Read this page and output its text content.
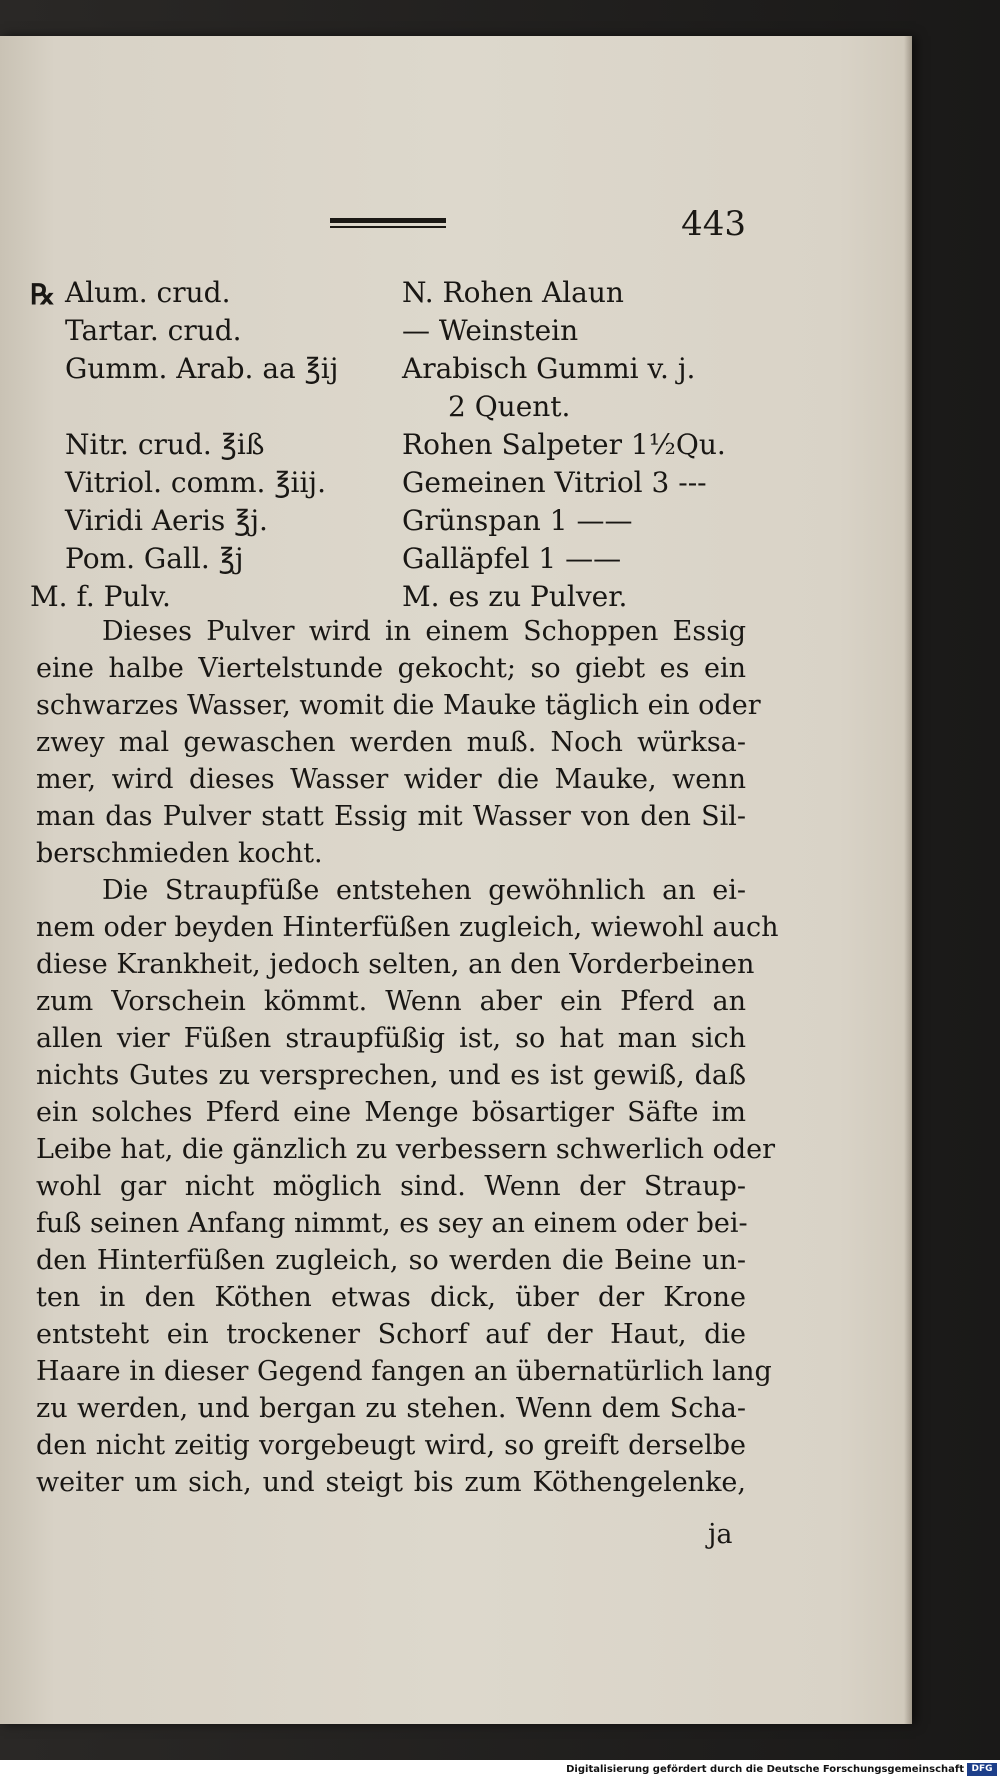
443
℞ Alum. crud.
Tartar. crud.
Gumm. Arab. aa ℥ij
Nitr. crud. ℥iß
Vitriol. comm. ℥iij.
Viridi Aeris ℥j.
Pom. Gall. ℥j
M. f. Pulv.
N. Rohen Alaun
— Weinstein
Arabisch Gummi v. j.
2 Quent.
Rohen Salpeter 1½Qu.
Gemeinen Vitriol 3 ---
Grünspan 1 ——
Galläpfel 1 ——
M. es zu Pulver.
Dieses Pulver wird in einem Schoppen Essig
eine halbe Viertelstunde gekocht; so giebt es ein
schwarzes Wasser, womit die Mauke täglich ein oder
zwey mal gewaschen werden muß. Noch würksa-
mer, wird dieses Wasser wider die Mauke, wenn
man das Pulver statt Essig mit Wasser von den Sil-
berschmieden kocht.
Die Straupfüße entstehen gewöhnlich an ei-
nem oder beyden Hinterfüßen zugleich, wiewohl auch
diese Krankheit, jedoch selten, an den Vorderbeinen
zum Vorschein kömmt. Wenn aber ein Pferd an
allen vier Füßen straupfüßig ist, so hat man sich
nichts Gutes zu versprechen, und es ist gewiß, daß
ein solches Pferd eine Menge bösartiger Säfte im
Leibe hat, die gänzlich zu verbessern schwerlich oder
wohl gar nicht möglich sind. Wenn der Straup-
fuß seinen Anfang nimmt, es sey an einem oder bei-
den Hinterfüßen zugleich, so werden die Beine un-
ten in den Köthen etwas dick, über der Krone
entsteht ein trockener Schorf auf der Haut, die
Haare in dieser Gegend fangen an übernatürlich lang
zu werden, und bergan zu stehen. Wenn dem Scha-
den nicht zeitig vorgebeugt wird, so greift derselbe
weiter um sich, und steigt bis zum Köthengelenke,
ja
Digitalisierung gefördert durch die Deutsche Forschungsgemeinschaft DFG
